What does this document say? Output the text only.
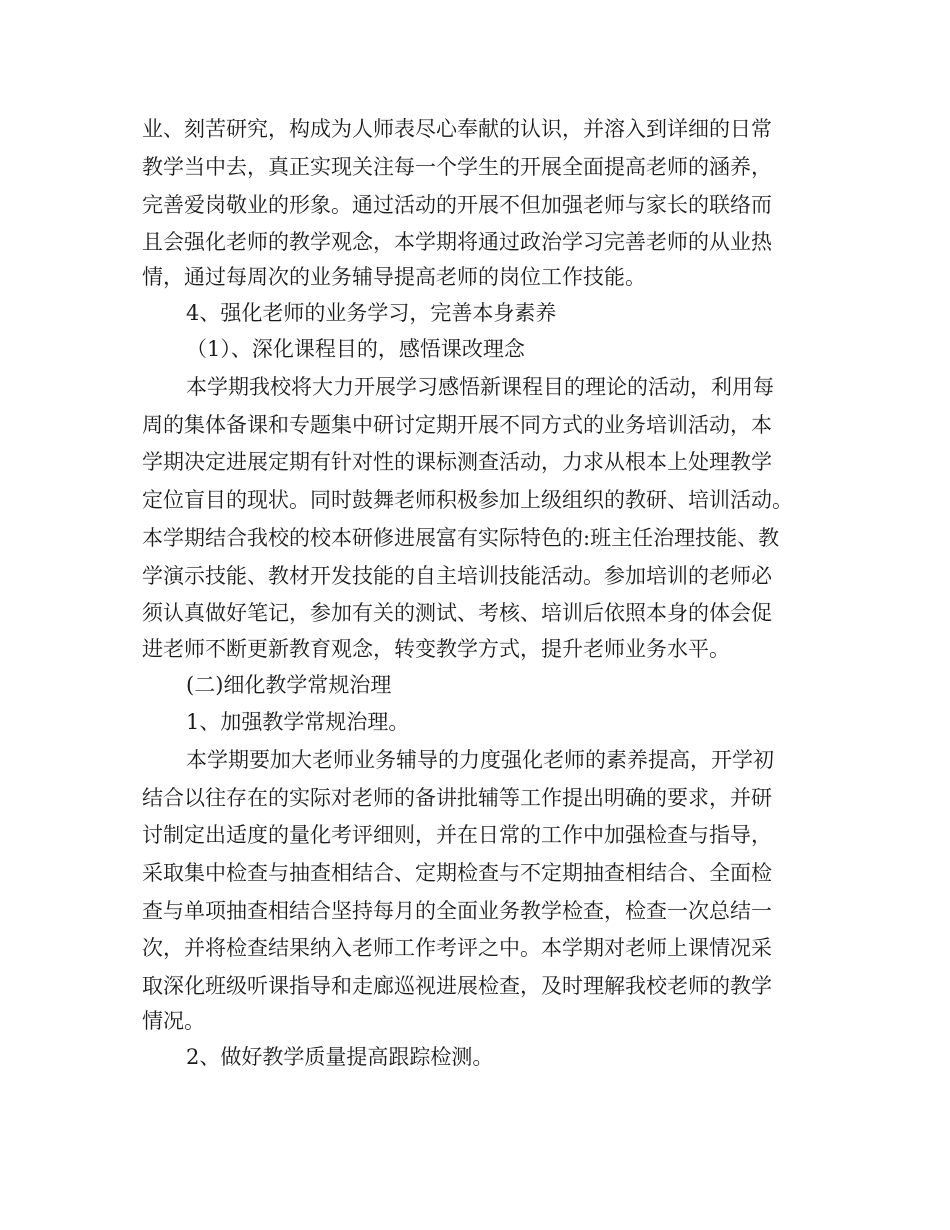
业、刻苦研究，构成为人师表尽心奉献的认识，并溶入到详细的日常
教学当中去，真正实现关注每一个学生的开展全面提高老师的涵养，
完善爱岗敬业的形象。通过活动的开展不但加强老师与家长的联络而
且会强化老师的教学观念，本学期将通过政治学习完善老师的从业热
情，通过每周次的业务辅导提高老师的岗位工作技能。
4、强化老师的业务学习，完善本身素养
（1）、深化课程目的，感悟课改理念
本学期我校将大力开展学习感悟新课程目的理论的活动，利用每
周的集体备课和专题集中研讨定期开展不同方式的业务培训活动，本
学期决定进展定期有针对性的课标测查活动，力求从根本上处理教学
定位盲目的现状。同时鼓舞老师积极参加上级组织的教研、培训活动。
本学期结合我校的校本研修进展富有实际特色的:班主任治理技能、教
学演示技能、教材开发技能的自主培训技能活动。参加培训的老师必
须认真做好笔记，参加有关的测试、考核、培训后依照本身的体会促
进老师不断更新教育观念，转变教学方式，提升老师业务水平。
(二)细化教学常规治理
1、加强教学常规治理。
本学期要加大老师业务辅导的力度强化老师的素养提高，开学初
结合以往存在的实际对老师的备讲批辅等工作提出明确的要求，并研
讨制定出适度的量化考评细则，并在日常的工作中加强检查与指导，
采取集中检查与抽查相结合、定期检查与不定期抽查相结合、全面检
查与单项抽查相结合坚持每月的全面业务教学检查，检查一次总结一
次，并将检查结果纳入老师工作考评之中。本学期对老师上课情况采
取深化班级听课指导和走廊巡视进展检查，及时理解我校老师的教学
情况。
2、做好教学质量提高跟踪检测。
